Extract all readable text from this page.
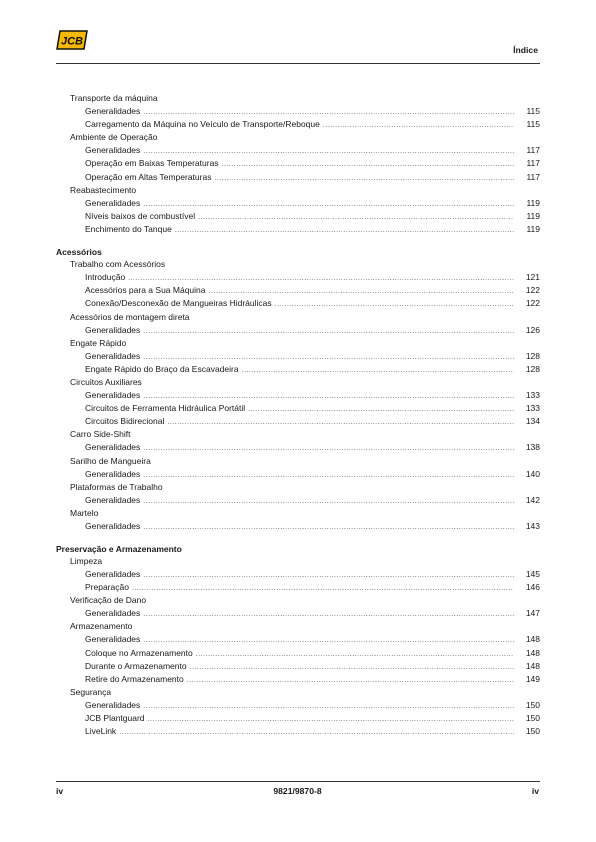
JCB
Índice
Transporte da máquina
Generalidades .....	115
Carregamento da Máquina no Veículo de Transporte/Reboque .....	115
Ambiente de Operação
Generalidades .....	117
Operação em Baixas Temperaturas .....	117
Operação em Altas Temperaturas .....	117
Reabastecimento
Generalidades .....	119
Níveis baixos de combustível .....	119
Enchimento do Tanque .....	119
Acessórios
Trabalho com Acessórios
Introdução .....	121
Acessórios para a Sua Máquina .....	122
Conexão/Desconexão de Mangueiras Hidráulicas .....	122
Acessórios de montagem direta
Generalidades .....	126
Engate Rápido
Generalidades .....	128
Engate Rápido do Braço da Escavadeira .....	128
Circuitos Auxiliares
Generalidades .....	133
Circuitos de Ferramenta Hidráulica Portátil .....	133
Circuitos Bidirecional .....	134
Carro Side-Shift
Generalidades .....	138
Sarilho de Mangueira
Generalidades .....	140
Plataformas de Trabalho
Generalidades .....	142
Martelo
Generalidades .....	143
Preservação e Armazenamento
Limpeza
Generalidades .....	145
Preparação .....	146
Verificação de Dano
Generalidades .....	147
Armazenamento
Generalidades .....	148
Coloque no Armazenamento .....	148
Durante o Armazenamento .....	148
Retire do Armazenamento .....	149
Segurança
Generalidades .....	150
JCB Plantguard .....	150
LiveLink .....	150
iv	9821/9870-8	iv
